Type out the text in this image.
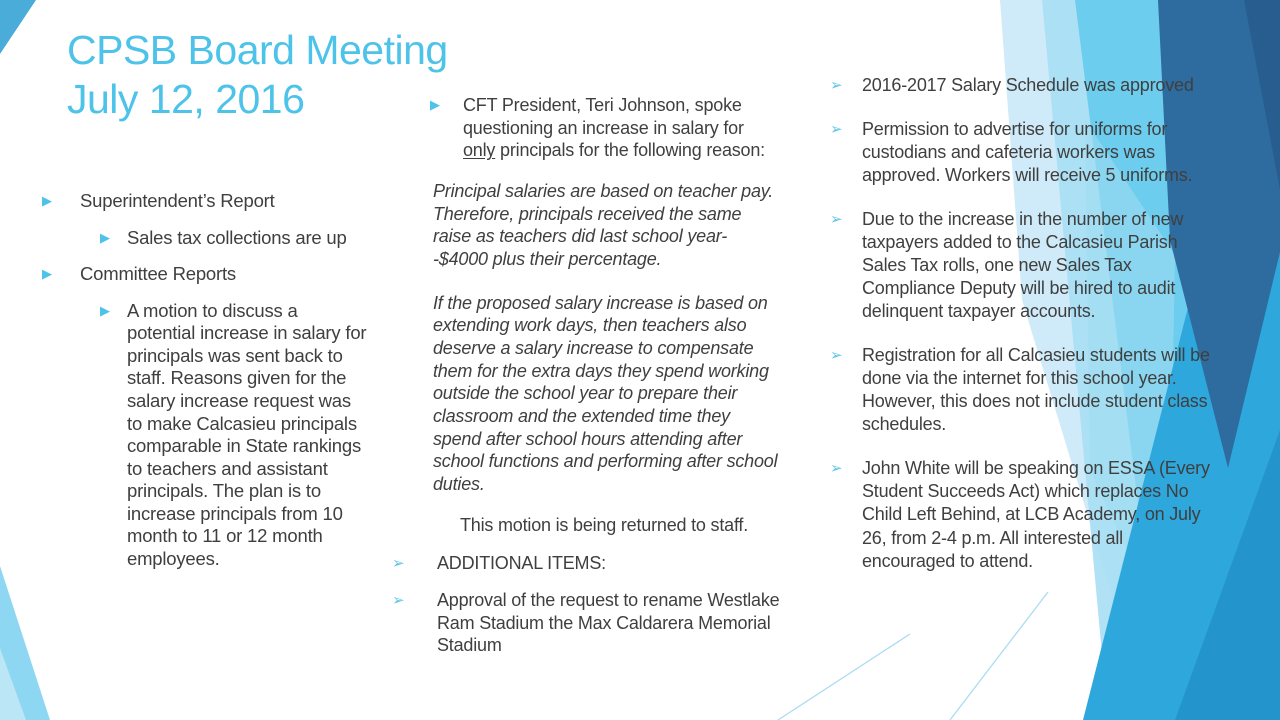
CPSB Board Meeting
July 12, 2016
▶	Superintendent’s Report
▶ Sales tax collections are up
▶	Committee Reports
▶ A motion to discuss a potential increase in salary for principals was sent back to staff. Reasons given for the salary increase request was to make Calcasieu principals comparable in State rankings to teachers and assistant principals. The plan is to increase principals from 10 month to 11 or 12 month employees.
▶	CFT President, Teri Johnson, spoke questioning an increase in salary for only principals for the following reason:
Principal salaries are based on teacher pay. Therefore, principals received the same raise as teachers did last school year--$4000 plus their percentage.
If the proposed salary increase is based on extending work days, then teachers also deserve a salary increase to compensate them for the extra days they spend working outside the school year to prepare their classroom and the extended time they spend after school hours attending after school functions and performing after school duties.
This motion is being returned to staff.
➢	ADDITIONAL ITEMS:
➢	Approval of the request to rename Westlake Ram Stadium the Max Caldarera Memorial Stadium
➢	2016-2017 Salary Schedule was approved
➢	Permission to advertise for uniforms for custodians and cafeteria workers was approved. Workers will receive 5 uniforms.
➢	Due to the increase in the number of new taxpayers added to the Calcasieu Parish Sales Tax rolls, one new Sales Tax Compliance Deputy will be hired to audit delinquent taxpayer accounts.
➢	Registration for all Calcasieu students will be done via the internet for this school year. However, this does not include student class schedules.
➢	John White will be speaking on ESSA (Every Student Succeeds Act) which replaces No Child Left Behind, at LCB Academy, on July 26, from 2-4 p.m. All interested all encouraged to attend.
